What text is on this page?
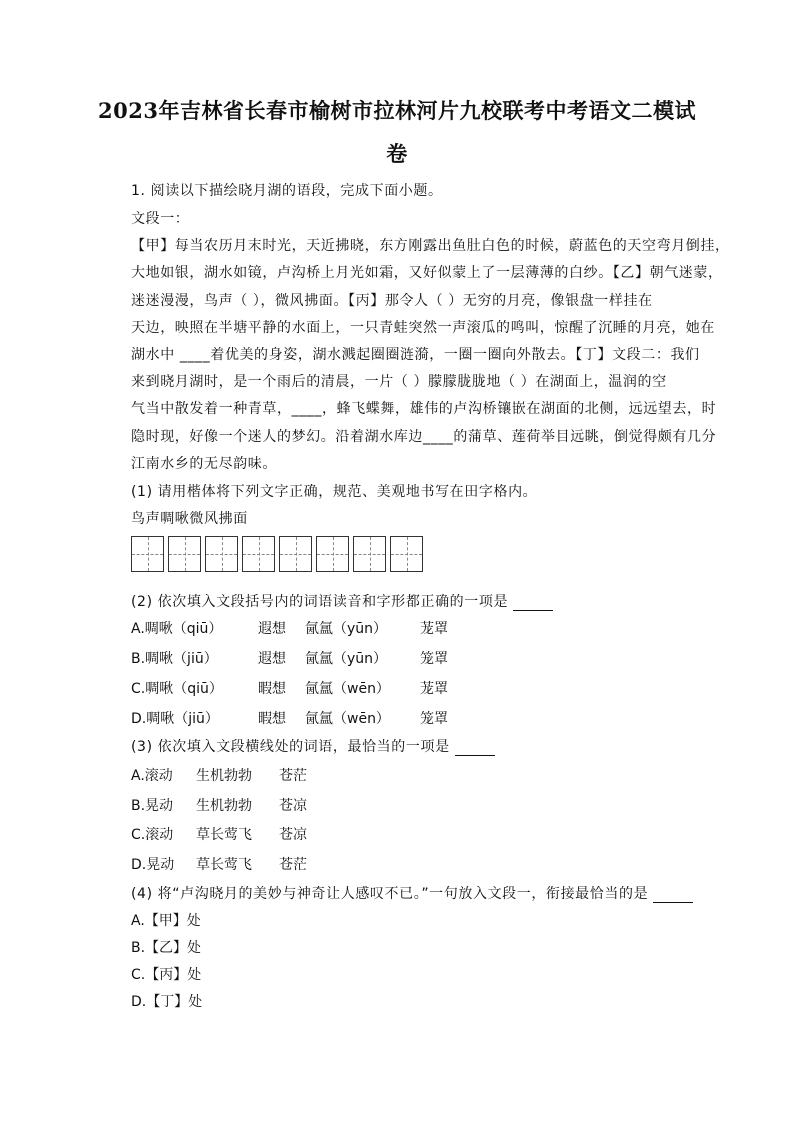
2023年吉林省长春市榆树市拉林河片九校联考中考语文二模试
卷
1. 阅读以下描绘晓月湖的语段，完成下面小题。
文段一：
【甲】每当农历月末时光，天近拂晓，东方刚露出鱼肚白色的时候，蔚蓝色的天空弯月倒挂，
大地如银，湖水如镜，卢沟桥上月光如霜，又好似蒙上了一层薄薄的白纱。【乙】朝气迷蒙，
迷迷漫漫，鸟声（ ），微风拂面。【丙】那令人（ ）无穷的月亮，像银盘一样挂在
天边，映照在半塘平静的水面上，一只青蛙突然一声滚瓜的鸣叫，惊醒了沉睡的月亮，她在
湖水中 ____着优美的身姿，湖水溅起圈圈涟漪，一圈一圈向外散去。【丁】文段二：我们
来到晓月湖时，是一个雨后的清晨，一片（ ）朦朦胧胧地（ ）在湖面上，温润的空
气当中散发着一种青草，____，蜂飞蝶舞，雄伟的卢沟桥镶嵌在湖面的北侧，远远望去，时
隐时现，好像一个迷人的梦幻。沿着湖水库边____的蒲草、莲荷举目远眺，倒觉得颇有几分
江南水乡的无尽韵味。
(1) 请用楷体将下列文字正确，规范、美观地书写在田字格内。
鸟声啁啾微风拂面
(2) 依次填入文段括号内的词语读音和字形都正确的一项是
A.啁啾（qiū）	遐想 氤氲（yūn） 茏罩
B.啁啾（jiū）	遐想 氤氲（yūn） 笼罩
C.啁啾（qiū）	暇想 氤氲（wēn） 茏罩
D.啁啾（jiū）	暇想 氤氲（wēn） 笼罩
(3) 依次填入文段横线处的词语，最恰当的一项是
A.滚动 生机勃勃 苍茫
B.晃动 生机勃勃 苍凉
C.滚动 草长莺飞 苍凉
D.晃动 草长莺飞 苍茫
(4) 将“卢沟晓月的美妙与神奇让人感叹不已。”一句放入文段一，衔接最恰当的是
A.【甲】处
B.【乙】处
C.【丙】处
D.【丁】处
